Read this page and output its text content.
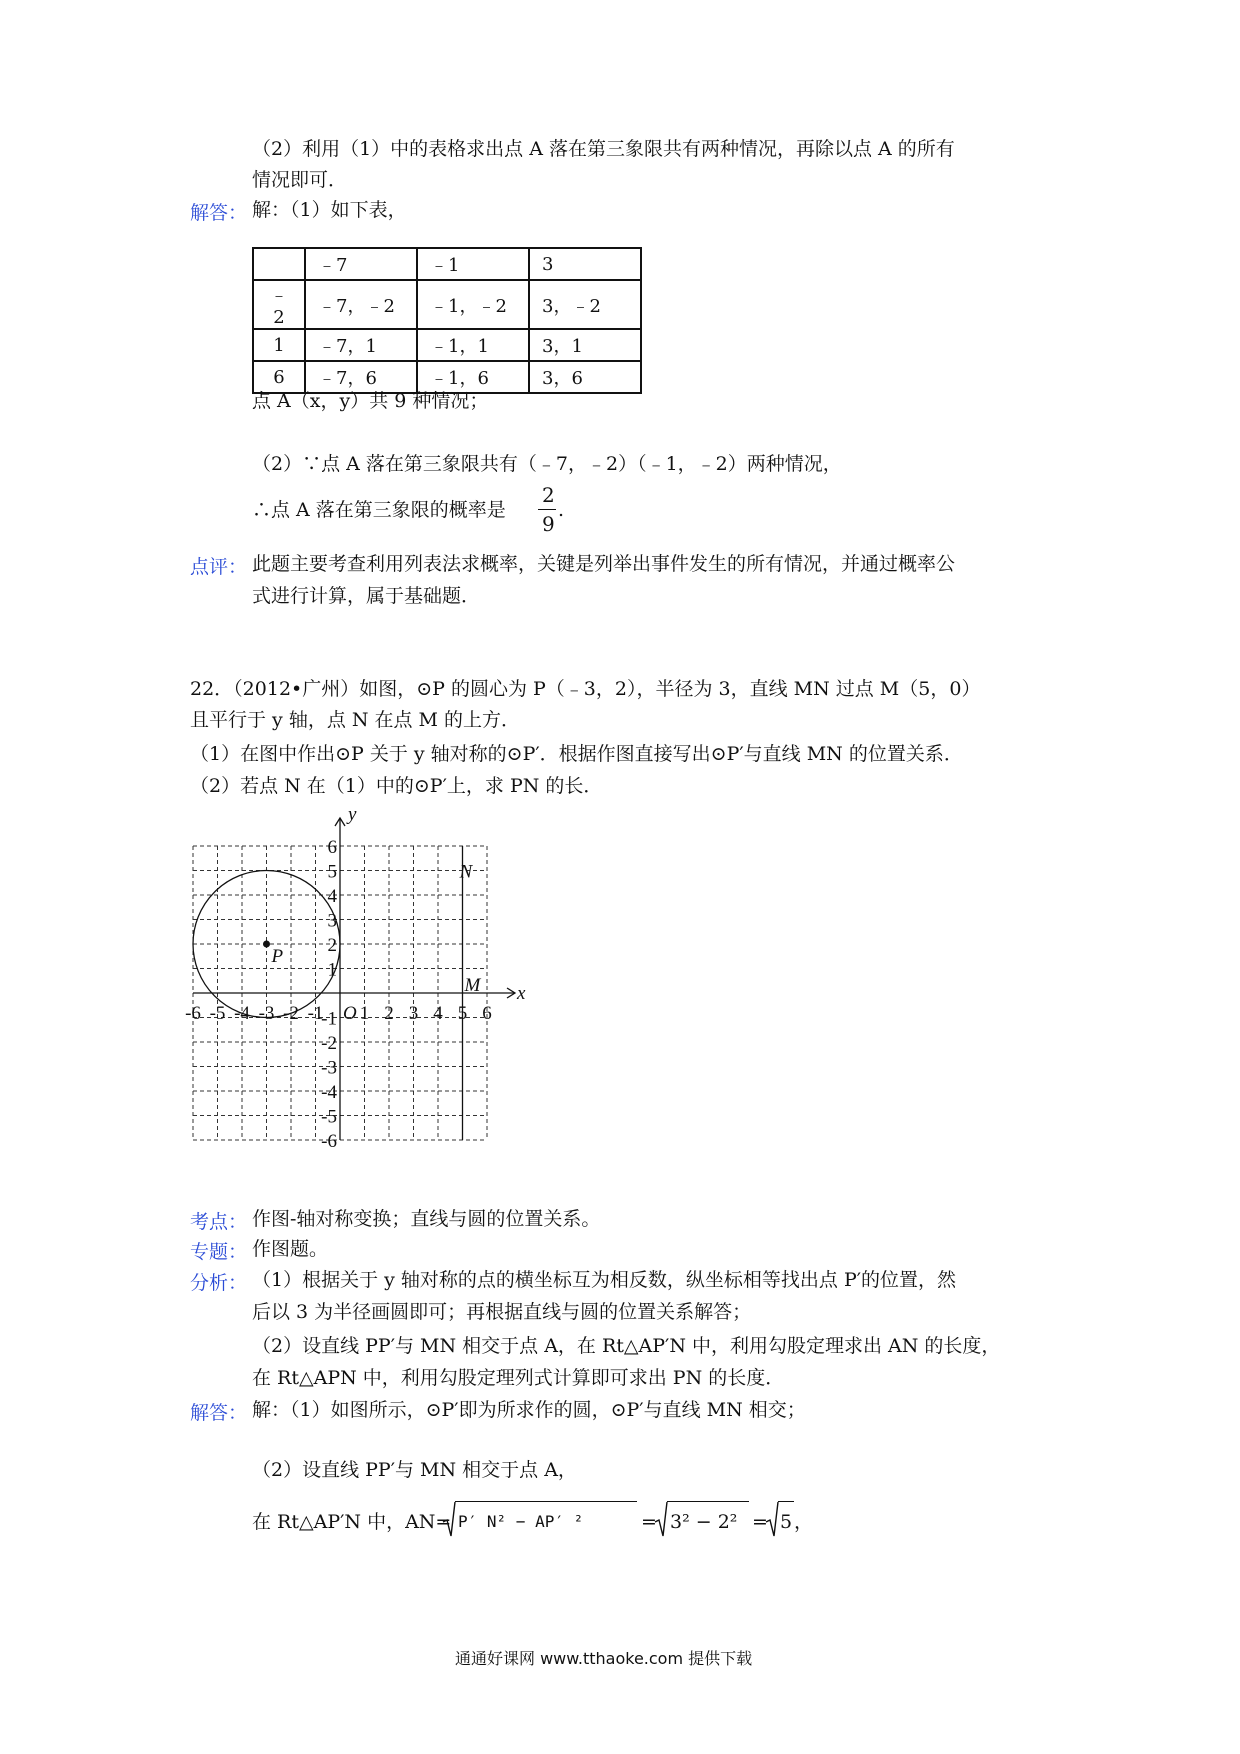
（2）利用（1）中的表格求出点 A 落在第三象限共有两种情况，再除以点 A 的所有
情况即可．
解答： 解：（1）如下表，
	﹣7	﹣1	3
﹣2	﹣7，﹣2	﹣1，﹣2	3，﹣2
1	﹣7，1	﹣1，1	3，1
6	﹣7，6	﹣1，6	3，6
点 A（x，y）共 9 种情况；
（2）∵点 A 落在第三象限共有（﹣7，﹣2）（﹣1，﹣2）两种情况，
∴点 A 落在第三象限的概率是
2
9
.
点评： 此题主要考查利用列表法求概率，关键是列举出事件发生的所有情况，并通过概率公
式进行计算，属于基础题．
22．（2012•广州）如图，⊙P 的圆心为 P（﹣3，2），半径为 3，直线 MN 过点 M（5，0）
且平行于 y 轴，点 N 在点 M 的上方．
（1）在图中作出⊙P 关于 y 轴对称的⊙P′．根据作图直接写出⊙P′与直线 MN 的位置关系．
（2）若点 N 在（1）中的⊙P′上，求 PN 的长．
-6 -5 -4 -3 -2 -1 1 2 3 4 5 6
6
5
4
3
2
1
-1
-2
-3
-4
-5
-6
O
x
y
P
M
N
考点： 作图-轴对称变换；直线与圆的位置关系。
专题： 作图题。
分析： （1）根据关于 y 轴对称的点的横坐标互为相反数，纵坐标相等找出点 P′的位置，然
后以 3 为半径画圆即可；再根据直线与圆的位置关系解答；
（2）设直线 PP′与 MN 相交于点 A，在 Rt△AP′N 中，利用勾股定理求出 AN 的长度，
在 Rt△APN 中，利用勾股定理列式计算即可求出 PN 的长度．
解答： 解：（1）如图所示，⊙P′即为所求作的圆，⊙P′与直线 MN 相交；
（2）设直线 PP′与 MN 相交于点 A，
在 Rt△AP′N 中，AN= P′ N² − AP′ ²	= 3² − 2² = 5 ，
通通好课网 www.tthaoke.com 提供下载
